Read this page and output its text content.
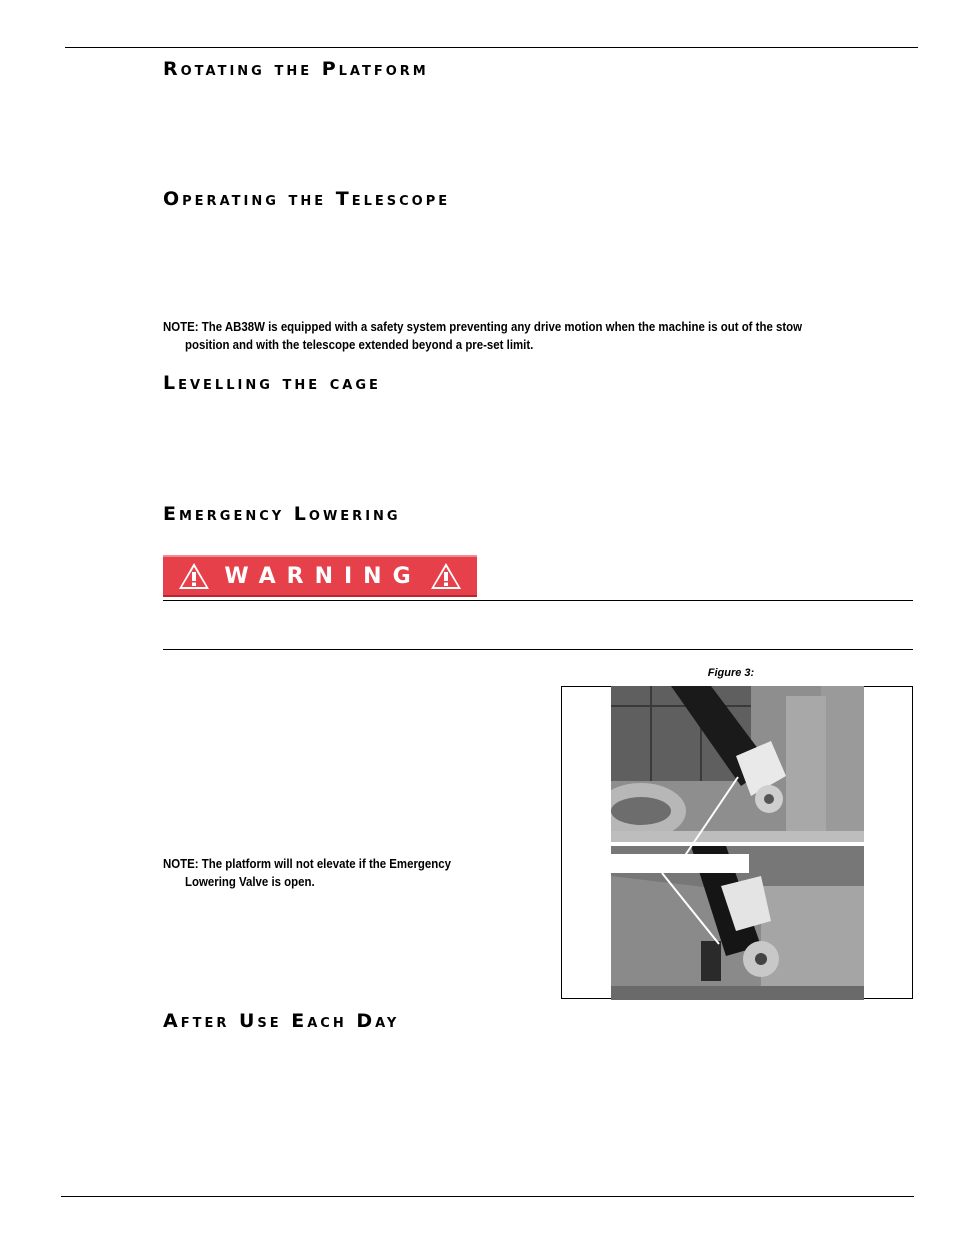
Rotating the Platform
Operating the Telescope

NOTE: The AB38W is equipped with a safety system preventing any drive motion when the machine is out of the stow
position and with the telescope extended beyond a pre-set limit.

Levelling the cage
Emergency Lowering
WARNING

NOTE: The platform will not elevate if the Emergency
Lowering Valve is open.

Figure 3:

After Use Each Day
